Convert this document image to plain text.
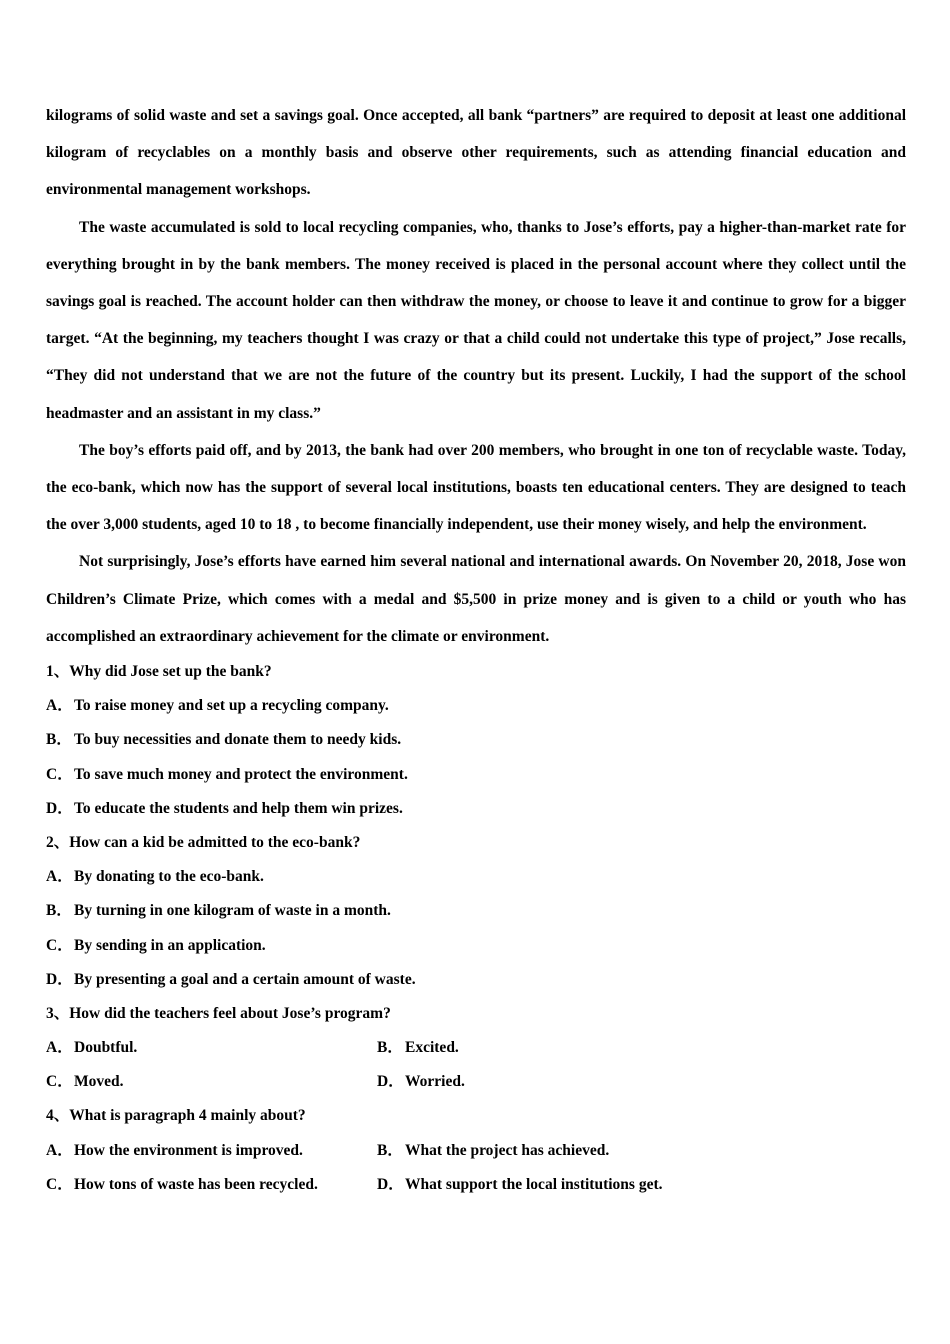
kilograms of solid waste and set a savings goal. Once accepted, all bank “partners” are required to deposit at least one additional kilogram of recyclables on a monthly basis and observe other requirements, such as attending financial education and environmental management workshops.

The waste accumulated is sold to local recycling companies, who, thanks to Jose’s efforts, pay a higher-than-market rate for everything brought in by the bank members. The money received is placed in the personal account where they collect until the savings goal is reached. The account holder can then withdraw the money, or choose to leave it and continue to grow for a bigger target. “At the beginning, my teachers thought I was crazy or that a child could not undertake this type of project,” Jose recalls, “They did not understand that we are not the future of the country but its present. Luckily, I had the support of the school headmaster and an assistant in my class.”

The boy’s efforts paid off, and by 2013, the bank had over 200 members, who brought in one ton of recyclable waste. Today, the eco-bank, which now has the support of several local institutions, boasts ten educational centers. They are designed to teach the over 3,000 students, aged 10 to 18 , to become financially independent, use their money wisely, and help the environment.

Not surprisingly, Jose’s efforts have earned him several national and international awards. On November 20, 2018, Jose won Children’s Climate Prize, which comes with a medal and $5,500 in prize money and is given to a child or youth who has accomplished an extraordinary achievement for the climate or environment.

1、Why did Jose set up the bank?
A．To raise money and set up a recycling company.
B． To buy necessities and donate them to needy kids.
C．To save much money and protect the environment.
D．To educate the students and help them win prizes.
2、How can a kid be admitted to the eco-bank?
A．By donating to the eco-bank.
B． By turning in one kilogram of waste in a month.
C．By sending in an application.
D．By presenting a goal and a certain amount of waste.
3、How did the teachers feel about Jose’s program?
A．Doubtful.	B． Excited.
C．Moved.	D．Worried.
4、What is paragraph 4 mainly about?
A．How the environment is improved.	B． What the project has achieved.
C．How tons of waste has been recycled.	D．What support the local institutions get.
